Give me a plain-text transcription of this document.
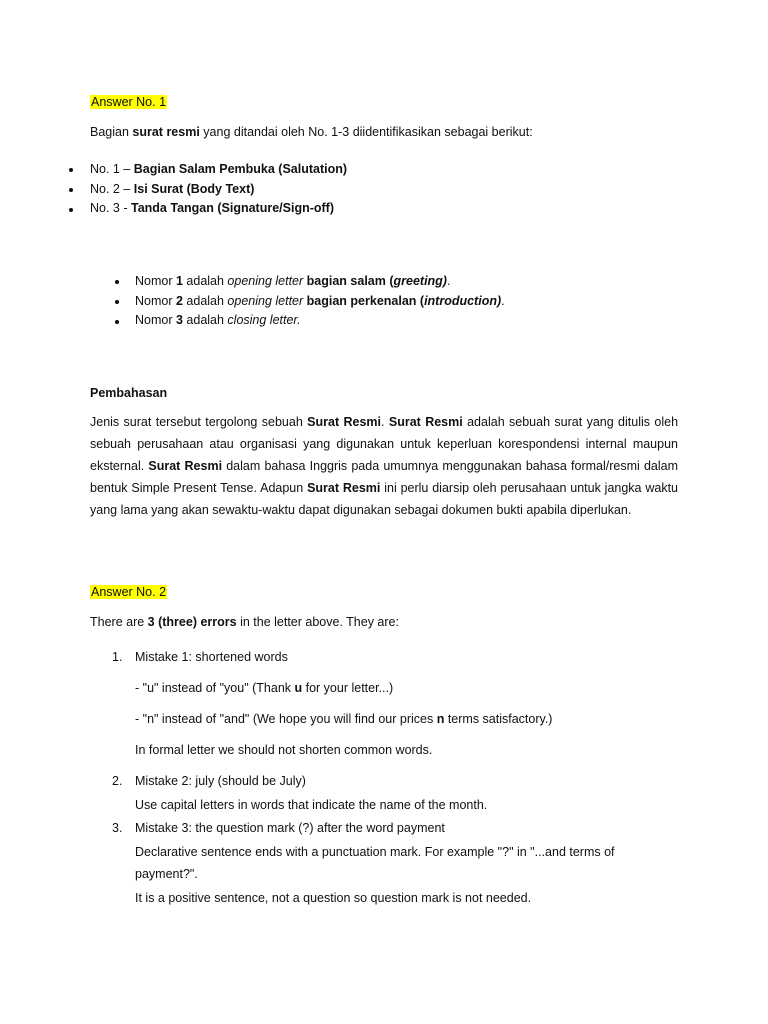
Answer No. 1
Bagian surat resmi yang ditandai oleh No. 1-3 diidentifikasikan sebagai berikut:
No. 1 – Bagian Salam Pembuka (Salutation)
No. 2 – Isi Surat (Body Text)
No. 3 - Tanda Tangan (Signature/Sign-off)
Nomor 1 adalah opening letter bagian salam (greeting).
Nomor 2 adalah opening letter bagian perkenalan (introduction).
Nomor 3 adalah closing letter.
Pembahasan
Jenis surat tersebut tergolong sebuah Surat Resmi. Surat Resmi adalah sebuah surat yang ditulis oleh sebuah perusahaan atau organisasi yang digunakan untuk keperluan korespondensi internal maupun eksternal. Surat Resmi dalam bahasa Inggris pada umumnya menggunakan bahasa formal/resmi dalam bentuk Simple Present Tense. Adapun Surat Resmi ini perlu diarsip oleh perusahaan untuk jangka waktu yang lama yang akan sewaktu-waktu dapat digunakan sebagai dokumen bukti apabila diperlukan.
Answer No. 2
There are 3 (three) errors in the letter above. They are:
1. Mistake 1: shortened words
- "u" instead of "you" (Thank u for your letter...)
- "n" instead of "and" (We hope you will find our prices n terms satisfactory.)
In formal letter we should not shorten common words.
2. Mistake 2: july (should be July)
Use capital letters in words that indicate the name of the month.
3. Mistake 3: the question mark (?) after the word payment
Declarative sentence ends with a punctuation mark. For example "?" in "...and terms of payment?".
It is a positive sentence, not a question so question mark is not needed.
